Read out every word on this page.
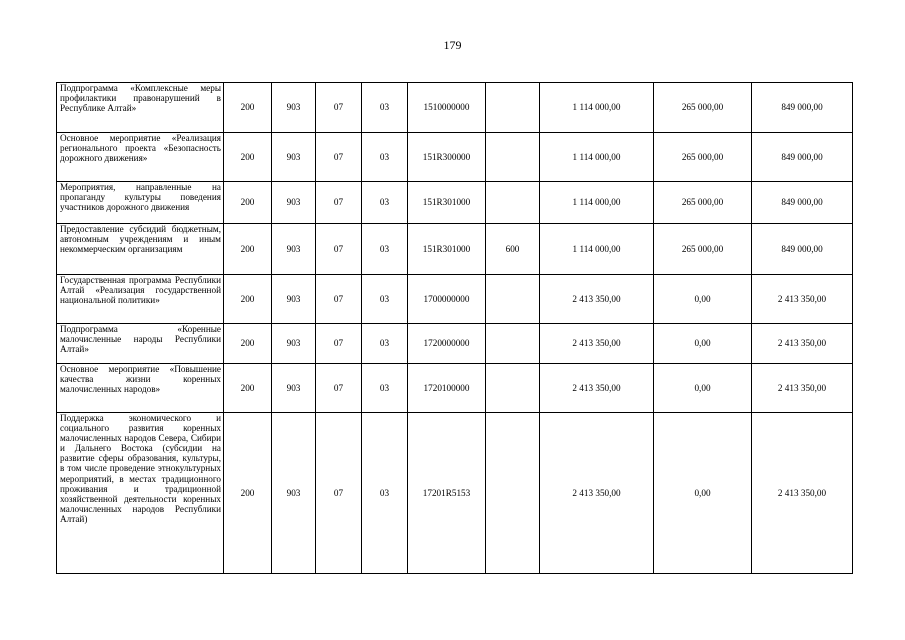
179
Подпрограмма «Комплексные меры профилактики правонарушений в Республике Алтай»	200	903	07	03	1510000000		1 114 000,00	265 000,00	849 000,00
Основное мероприятие «Реализация регионального проекта «Безопасность дорожного движения»	200	903	07	03	151R300000		1 114 000,00	265 000,00	849 000,00
Мероприятия, направленные на пропаганду культуры поведения участников дорожного движения	200	903	07	03	151R301000		1 114 000,00	265 000,00	849 000,00
Предоставление субсидий бюджетным, автономным учреждениям и иным некоммерческим организациям	200	903	07	03	151R301000	600	1 114 000,00	265 000,00	849 000,00
Государственная программа Республики Алтай «Реализация государственной национальной политики»	200	903	07	03	1700000000		2 413 350,00	0,00	2 413 350,00
Подпрограмма «Коренные малочисленные народы Республики Алтай»	200	903	07	03	1720000000		2 413 350,00	0,00	2 413 350,00
Основное мероприятие «Повышение качества жизни коренных малочисленных народов»	200	903	07	03	1720100000		2 413 350,00	0,00	2 413 350,00
Поддержка экономического и социального развития коренных малочисленных народов Севера, Сибири и Дальнего Востока (субсидии на развитие сферы образования, культуры, в том числе проведение этнокультурных мероприятий, в местах традиционного проживания и традиционной хозяйственной деятельности коренных малочисленных народов Республики Алтай)	200	903	07	03	17201R5153		2 413 350,00	0,00	2 413 350,00
